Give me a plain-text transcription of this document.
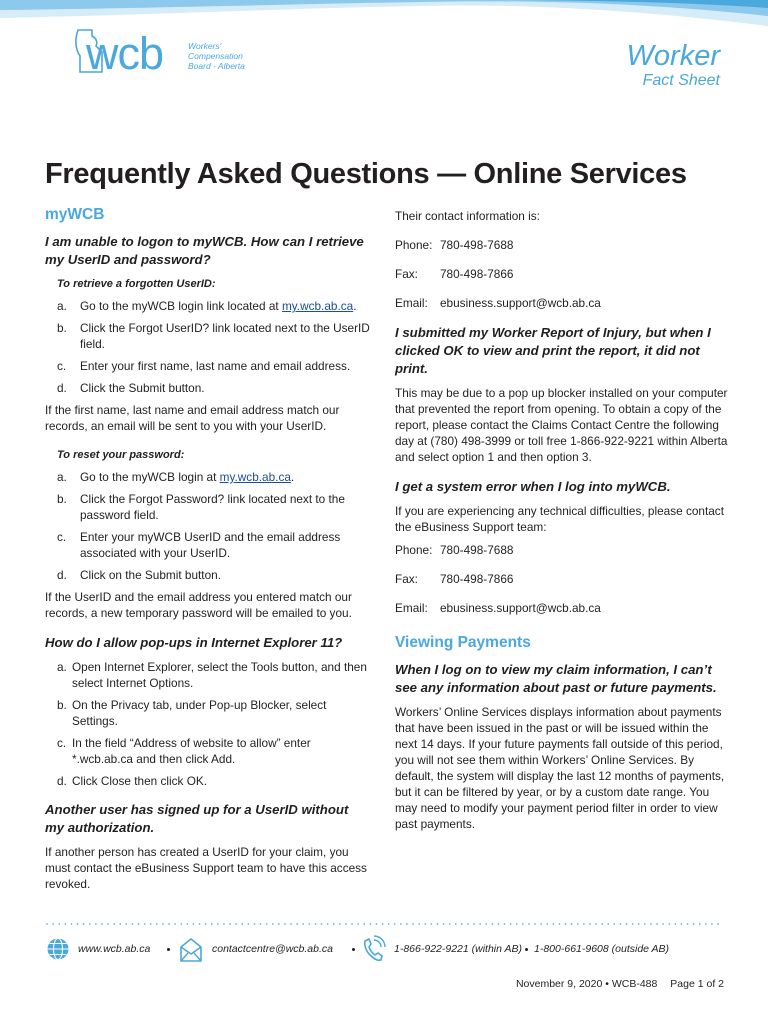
wcb	Workers'
Compensation
Board - Alberta	Worker
Fact Sheet
Frequently Asked Questions — Online Services
myWCB
I am unable to logon to myWCB. How can I retrieve my UserID and password?
To retrieve a forgotten UserID:
a. Go to the myWCB login link located at my.wcb.ab.ca.
b. Click the Forgot UserID? link located next to the UserID field.
c. Enter your first name, last name and email address.
d. Click the Submit button.
If the first name, last name and email address match our records, an email will be sent to you with your UserID.
To reset your password:
a. Go to the myWCB login at my.wcb.ab.ca.
b. Click the Forgot Password? link located next to the password field.
c. Enter your myWCB UserID and the email address associated with your UserID.
d. Click on the Submit button.
If the UserID and the email address you entered match our records, a new temporary password will be emailed to you.
How do I allow pop-ups in Internet Explorer 11?
a. Open Internet Explorer, select the Tools button, and then select Internet Options.
b. On the Privacy tab, under Pop-up Blocker, select Settings.
c. In the field “Address of website to allow” enter *.wcb.ab.ca and then click Add.
d. Click Close then click OK.
Another user has signed up for a UserID without my authorization.
If another person has created a UserID for your claim, you must contact the eBusiness Support team to have this access revoked.
Their contact information is:
Phone: 780-498-7688
Fax:	780-498-7866
Email:	ebusiness.support@wcb.ab.ca
I submitted my Worker Report of Injury, but when I clicked OK to view and print the report, it did not print.
This may be due to a pop up blocker installed on your computer that prevented the report from opening. To obtain a copy of the report, please contact the Claims Contact Centre the following day at (780) 498-3999 or toll free 1-866-922-9221 within Alberta and select option 1 and then option 3.
I get a system error when I log into myWCB.
If you are experiencing any technical difficulties, please contact the eBusiness Support team:
Phone: 780-498-7688
Fax:	780-498-7866
Email:	ebusiness.support@wcb.ab.ca
Viewing Payments
When I log on to view my claim information, I can’t see any information about past or future payments.
Workers’ Online Services displays information about payments that have been issued in the past or will be issued within the next 14 days. If your future payments fall outside of this period, you will not see them within Workers’ Online Services. By default, the system will display the last 12 months of payments, but it can be filtered by year, or by a custom date range. You may need to modify your payment period filter in order to view past payments.
www.wcb.ab.ca	contactcentre@wcb.ab.ca	1-866-922-9221 (within AB) 1-800-661-9608 (outside AB)
November 9, 2020 • WCB-488 Page 1 of 2
